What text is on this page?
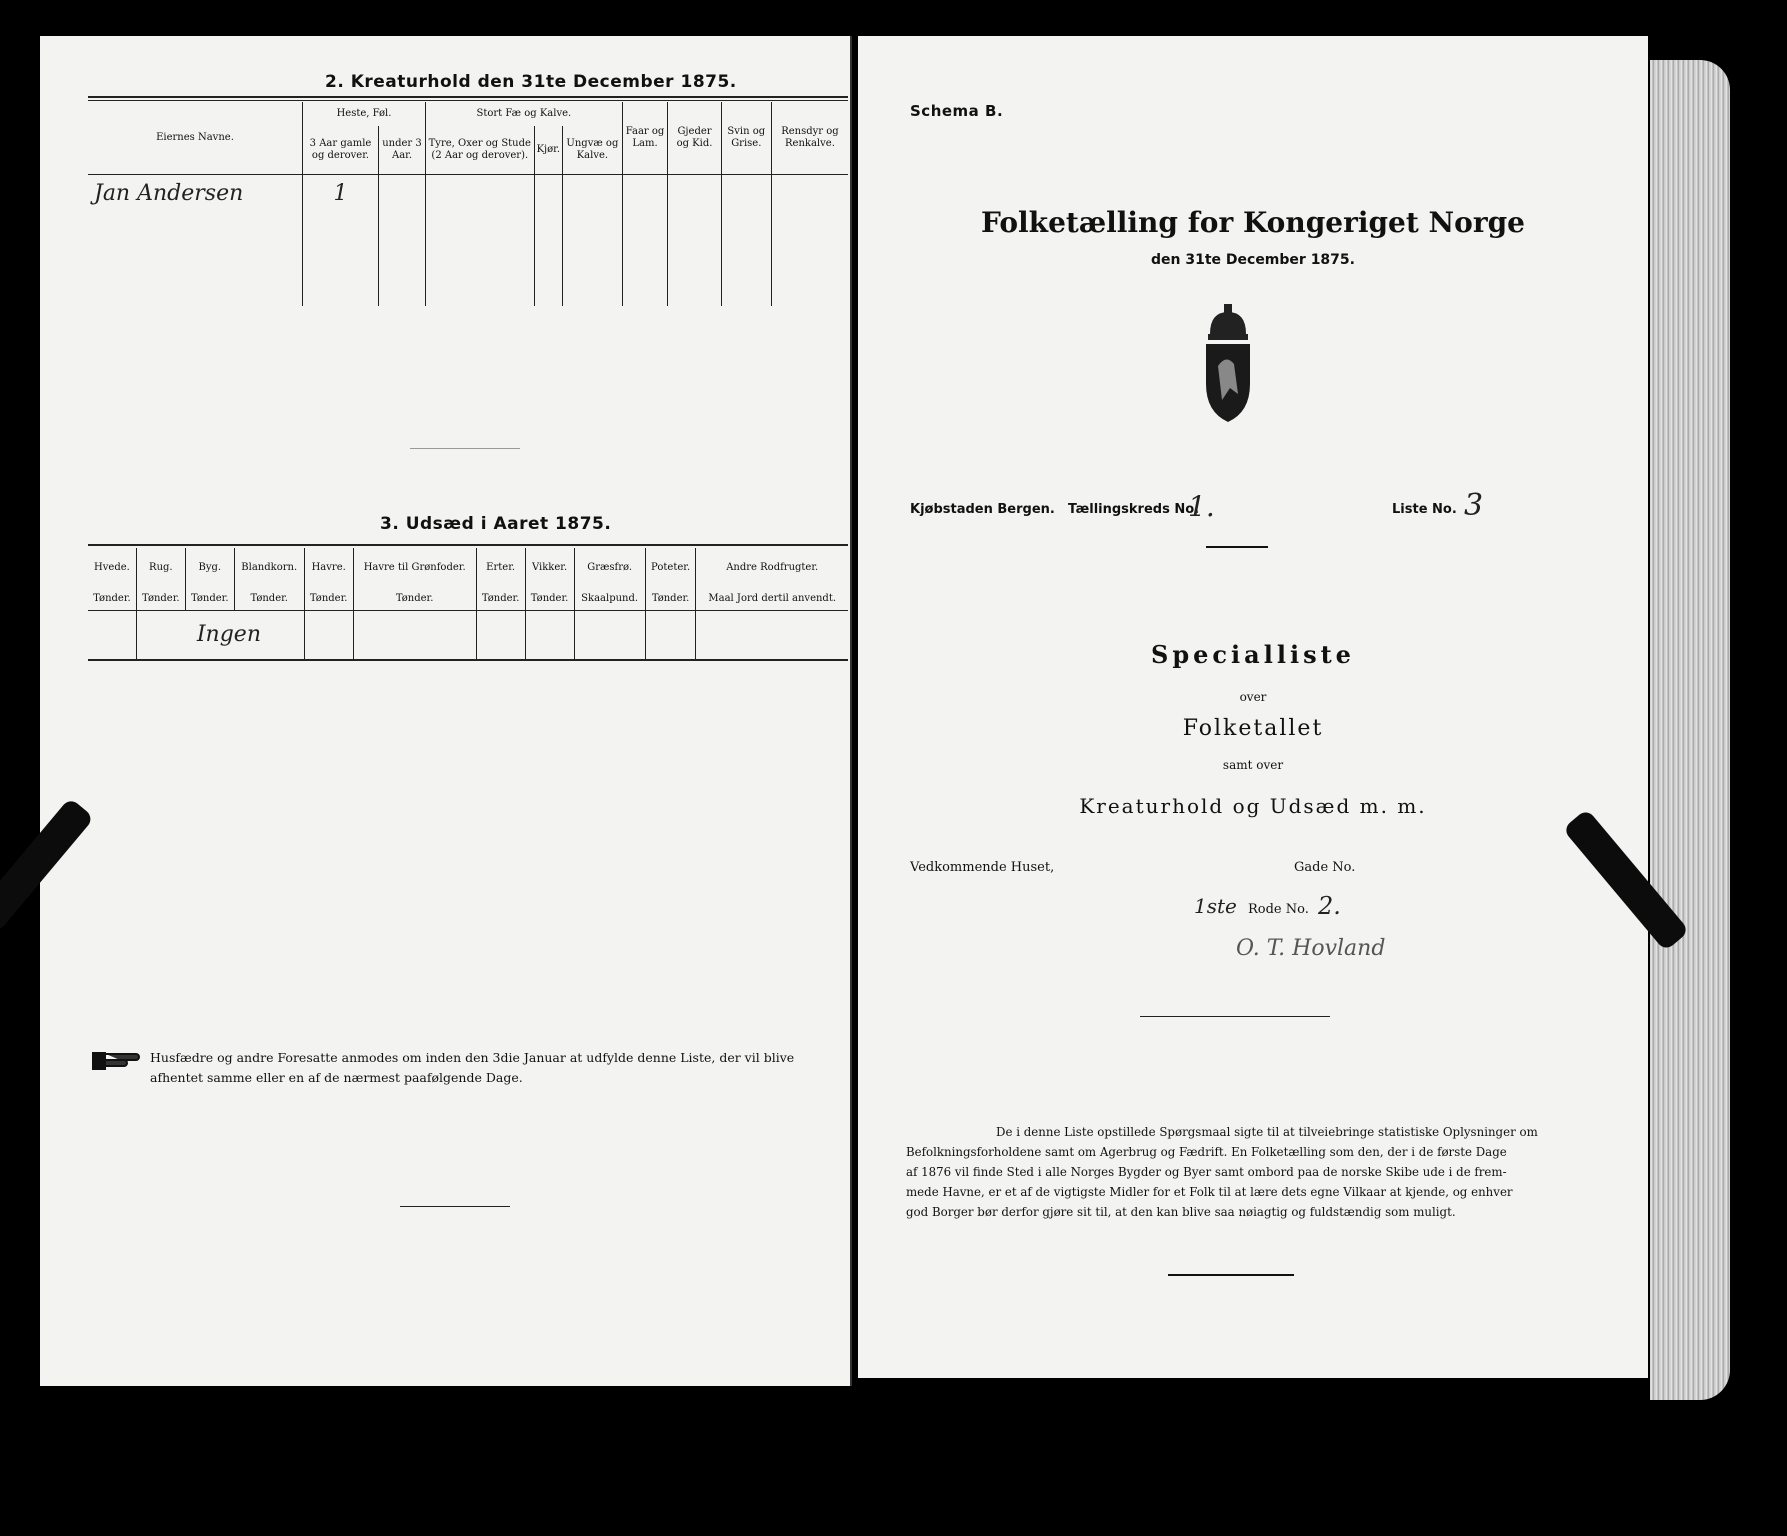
2. Kreaturhold den 31te December 1875.
Eiernes Navne.	Heste, Føl.		Stort Fæ og Kalve.			Faar og Lam.	Gjeder og Kid.	Svin og Grise.	Rensdyr og Renkalve.
	3 Aar gamle og derover.	under 3 Aar.	Tyre, Oxer og Stude (2 Aar og derover).	Kjør.	Ungvæ og Kalve.				
Jan Andersen	1								

3. Udsæd i Aaret 1875.
Hvede.	Rug.	Byg.	Blandkorn.	Havre.	Havre til Grønfoder.	Erter.	Vikker.	Græsfrø.	Poteter.	Andre Rodfrugter.
Tønder.	Tønder.	Tønder.	Tønder.	Tønder.	Tønder.	Tønder.	Tønder.	Skaalpund.	Tønder.	Maal Jord dertil anvendt.
	Ingen									
Husfædre og andre Foresatte anmodes om inden den 3die Januar at udfylde denne Liste, der vil blive
afhentet samme eller en af de nærmest paafølgende Dage.
Schema B.
Folketælling for Kongeriget Norge
den 31te December 1875.
Kjøbstaden Bergen. Tællingskreds No.
1.	Liste No. 3
Specialliste
over
Folketallet
samt over
Kreaturhold og Udsæd m. m.
Vedkommende Huset,	Gade No.
1ste Rode No. 2.
O. T. Hovland
De i denne Liste opstillede Spørgsmaal sigte til at tilveiebringe statistiske Oplysninger om
Befolkningsforholdene samt om Agerbrug og Fædrift. En Folketælling som den, der i de første Dage
af 1876 vil finde Sted i alle Norges Bygder og Byer samt ombord paa de norske Skibe ude i de frem-
mede Havne, er et af de vigtigste Midler for et Folk til at lære dets egne Vilkaar at kjende, og enhver
god Borger bør derfor gjøre sit til, at den kan blive saa nøiagtig og fuldstændig som muligt.
